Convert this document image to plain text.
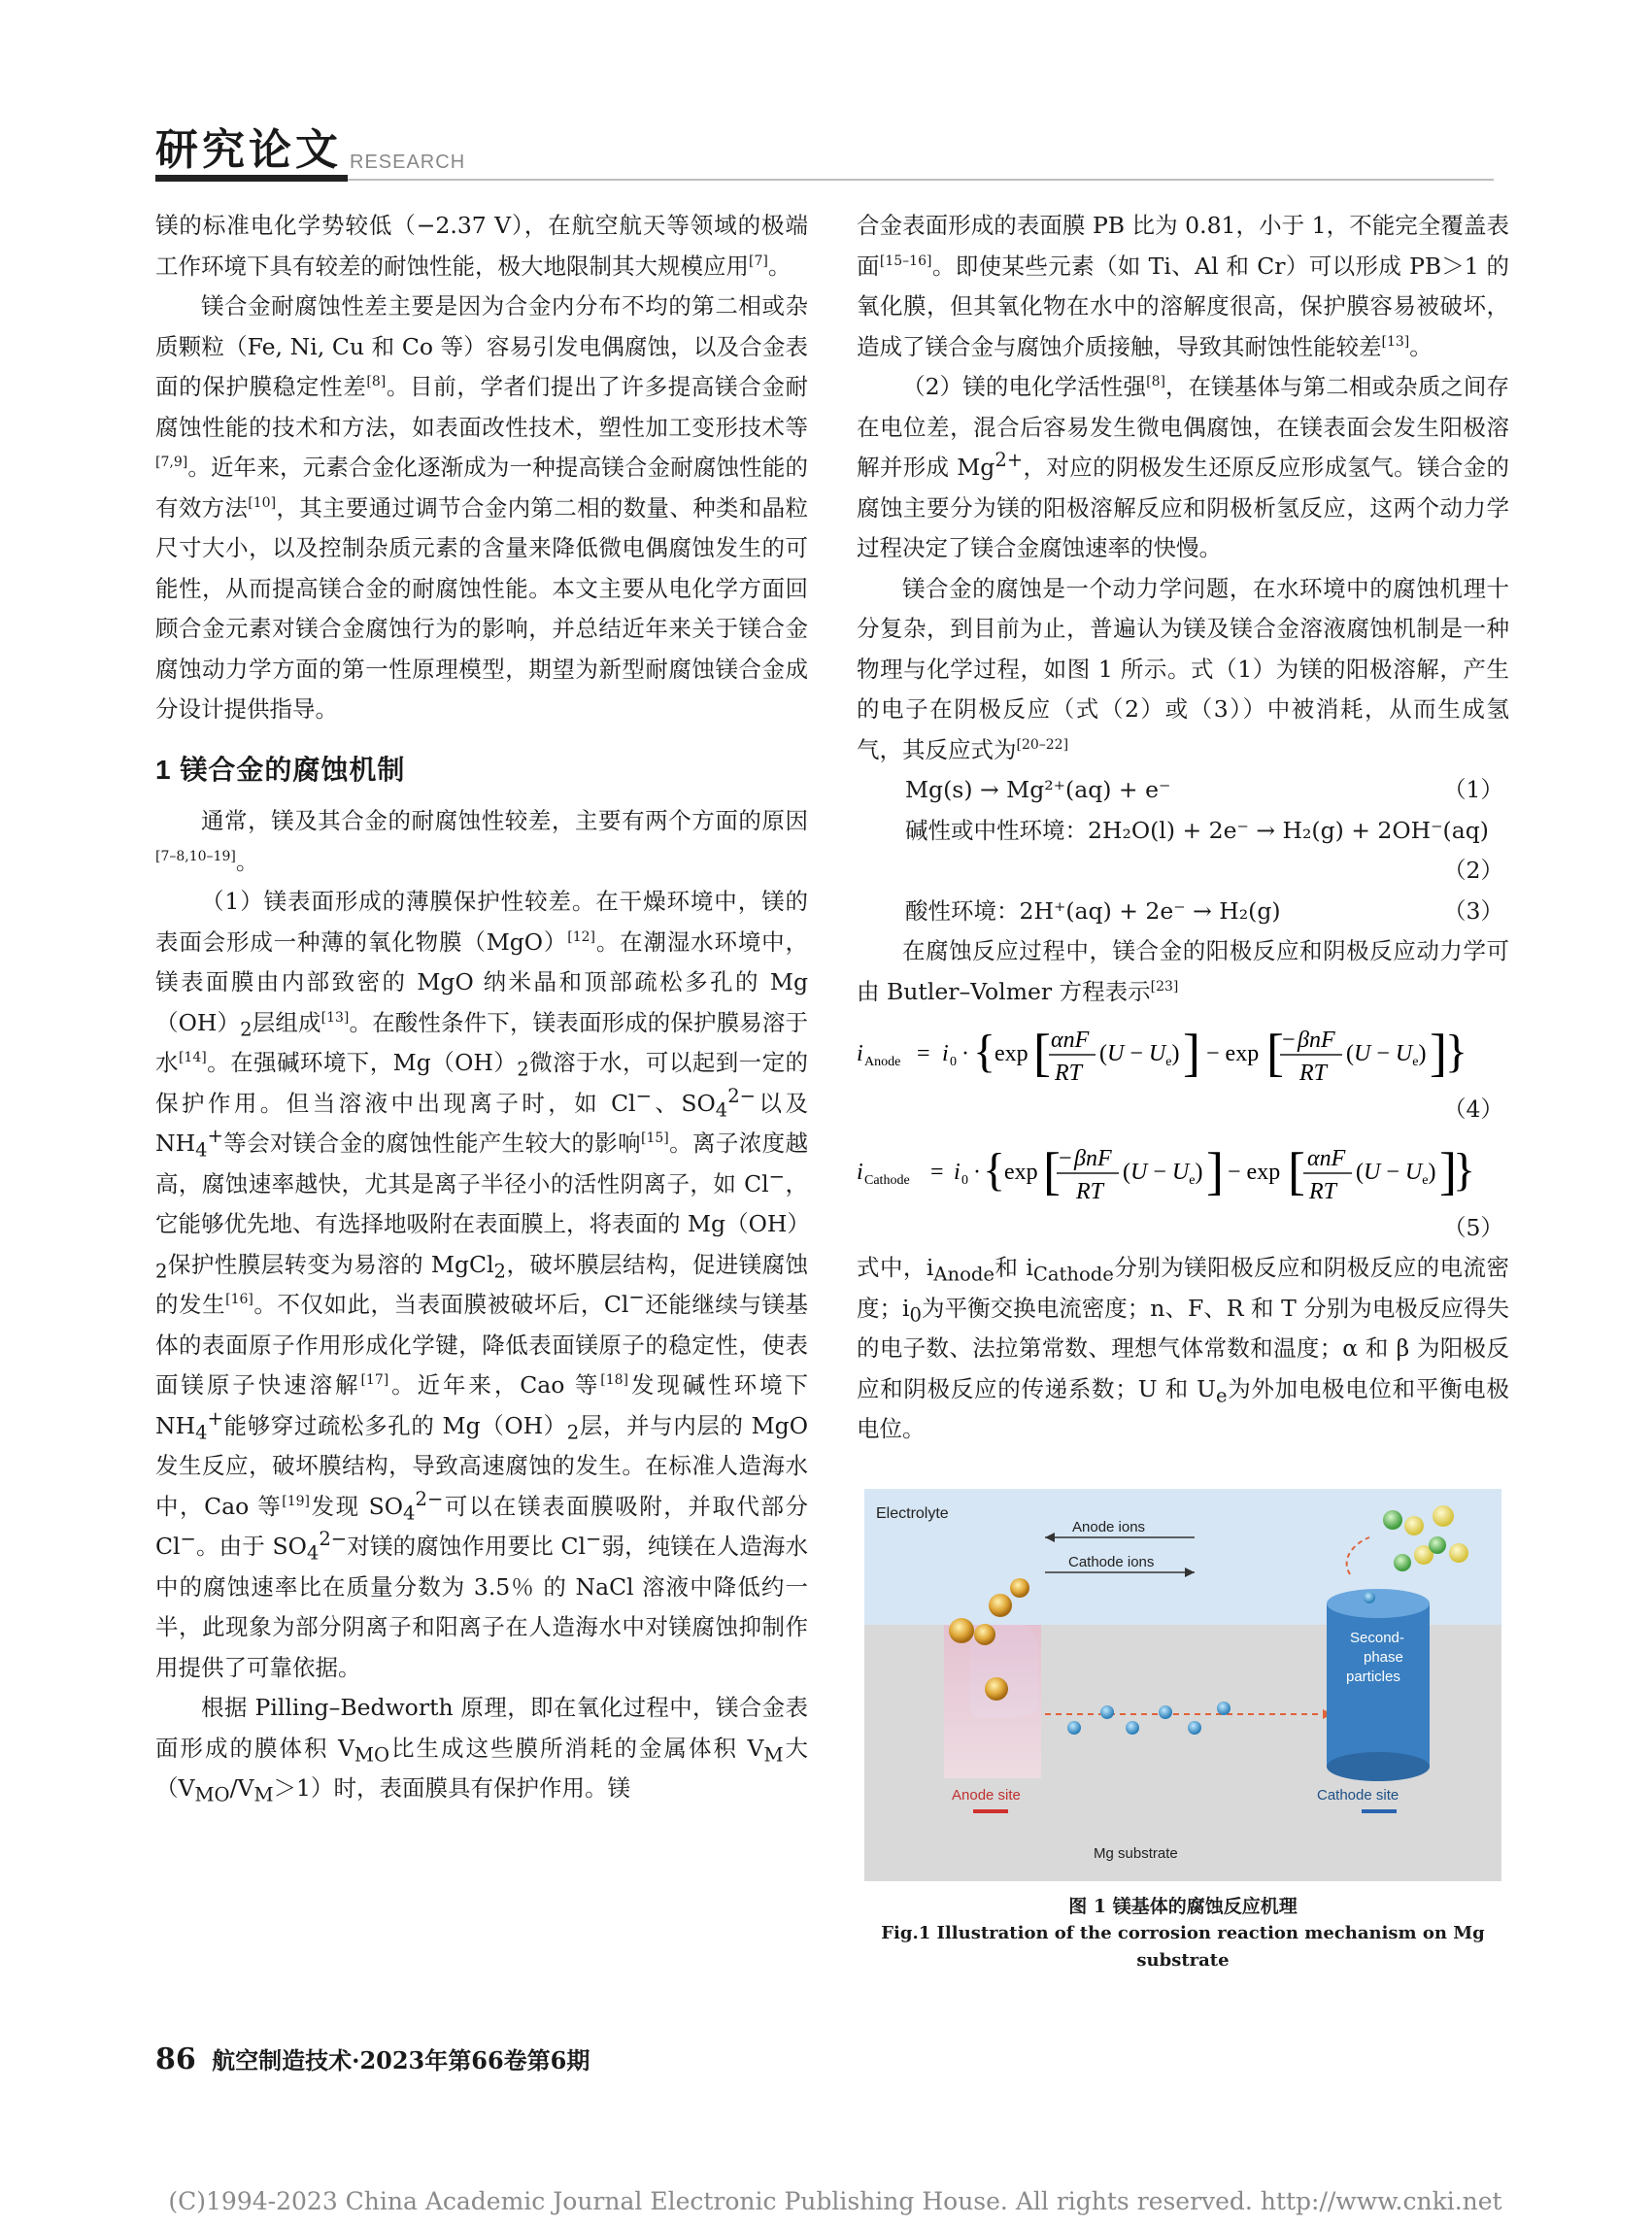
研究论文 RESEARCH

镁的标准电化学势较低（−2.37 V），在航空航天等领域的极端工作环境下具有较差的耐蚀性能，极大地限制其大规模应用[7]。

镁合金耐腐蚀性差主要是因为合金内分布不均的第二相或杂质颗粒（Fe, Ni, Cu 和 Co 等）容易引发电偶腐蚀，以及合金表面的保护膜稳定性差[8]。目前，学者们提出了许多提高镁合金耐腐蚀性能的技术和方法，如表面改性技术，塑性加工变形技术等[7,9]。近年来，元素合金化逐渐成为一种提高镁合金耐腐蚀性能的有效方法[10]，其主要通过调节合金内第二相的数量、种类和晶粒尺寸大小，以及控制杂质元素的含量来降低微电偶腐蚀发生的可能性，从而提高镁合金的耐腐蚀性能。本文主要从电化学方面回顾合金元素对镁合金腐蚀行为的影响，并总结近年来关于镁合金腐蚀动力学方面的第一性原理模型，期望为新型耐腐蚀镁合金成分设计提供指导。

1 镁合金的腐蚀机制

通常，镁及其合金的耐腐蚀性较差，主要有两个方面的原因[7–8,10–19]。

（1）镁表面形成的薄膜保护性较差。在干燥环境中，镁的表面会形成一种薄的氧化物膜（MgO）[12]。在潮湿水环境中，镁表面膜由内部致密的 MgO 纳米晶和顶部疏松多孔的 $Mg(OH)_2$层组成[13]。在酸性条件下，镁表面形成的保护膜易溶于水[14]。在强碱环境下，$Mg(OH)_2$微溶于水，可以起到一定的保护作用。但当溶液中出现离子时，如 Cl−、$SO_4^{2-}$以及 $NH_4^+$等会对镁合金的腐蚀性能产生较大的影响[15]。离子浓度越高，腐蚀速率越快，尤其是离子半径小的活性阴离子，如 Cl−，它能够优先地、有选择地吸附在表面膜上，将表面的 $Mg(OH)_2$保护性膜层转变为易溶的 MgCl$_2$，破坏膜层结构，促进镁腐蚀的发生[16]。不仅如此，当表面膜被破坏后，Cl−还能继续与镁基体的表面原子作用形成化学键，降低表面镁原子的稳定性，使表面镁原子快速溶解[17]。近年来，Cao 等[18]发现碱性环境下 $NH_4^+$能够穿过疏松多孔的 $Mg(OH)_2$层，并与内层的 MgO 发生反应，破坏膜结构，导致高速腐蚀的发生。在标准人造海水中，Cao 等[19]发现 $SO_4^{2-}$可以在镁表面膜吸附，并取代部分 Cl−。由于 $SO_4^{2-}$对镁的腐蚀作用要比 Cl−弱，纯镁在人造海水中的腐蚀速率比在质量分数为 3.5％ 的 NaCl 溶液中降低约一半，此现象为部分阴离子和阳离子在人造海水中对镁腐蚀抑制作用提供了可靠依据。

根据 Pilling–Bedworth 原理，即在氧化过程中，镁合金表面形成的膜体积 $V_{MO}$比生成这些膜所消耗的金属体积 $V_M$大$(V_{MO}/V_M>1)$时，表面膜具有保护作用。镁

合金表面形成的表面膜 PB 比为 0.81，小于 1，不能完全覆盖表面[15–16]。即使某些元素（如 Ti、Al 和 Cr）可以形成 PB＞1 的氧化膜，但其氧化物在水中的溶解度很高，保护膜容易被破坏，造成了镁合金与腐蚀介质接触，导致其耐蚀性能较差[13]。

（2）镁的电化学活性强[8]，在镁基体与第二相或杂质之间存在电位差，混合后容易发生微电偶腐蚀，在镁表面会发生阳极溶解并形成 $Mg^{2+}$，对应的阴极发生还原反应形成氢气。镁合金的腐蚀主要分为镁的阳极溶解反应和阴极析氢反应，这两个动力学过程决定了镁合金腐蚀速率的快慢。

镁合金的腐蚀是一个动力学问题，在水环境中的腐蚀机理十分复杂，到目前为止，普遍认为镁及镁合金溶液腐蚀机制是一种物理与化学过程，如图 1 所示。式（1）为镁的阳极溶解，产生的电子在阴极反应（式（2）或（3））中被消耗，从而生成氢气，其反应式为[20–22]

Mg(s) → Mg²⁺(aq) + e⁻	（1）
碱性或中性环境：2H₂O(l) + 2e⁻ → H₂(g) + 2OH⁻(aq)
（2）
酸性环境：2H⁺(aq) + 2e⁻ → H₂(g)	（3）

在腐蚀反应过程中，镁合金的阳极反应和阴极反应动力学可由 Butler–Volmer 方程表示[23]

i Anode = i 0 · {
exp [ αnF
RT
$(U - U_e)$ ] − exp [
− βnF
RT
$(U - U_e)$ ]
}
（4）
i Cathode = i 0 · {
exp [
− βnF
RT
$(U - U_e)$ ] − exp [ αnF
RT
$(U - U_e)$ ]
}
（5）

式中，$i_{Anode}$和 $i_{Cathode}$分别为镁阳极反应和阴极反应的电流密度；$i_0$为平衡交换电流密度；n、F、R 和 T 分别为电极反应得失的电子数、法拉第常数、理想气体常数和温度；α 和 β 为阳极反应和阴极反应的传递系数；U 和 $U_e$为外加电极电位和平衡电极电位。

Electrolyte
Anode ions
Cathode ions
Anode site
Second-
phase
particles
Cathode site
Mg substrate
图 1 镁基体的腐蚀反应机理
Fig.1 Illustration of the corrosion reaction mechanism on Mg substrate
86 航空制造技术·2023年第66卷第6期
(C)1994-2023 China Academic Journal Electronic Publishing House. All rights reserved. http://www.cnki.net
